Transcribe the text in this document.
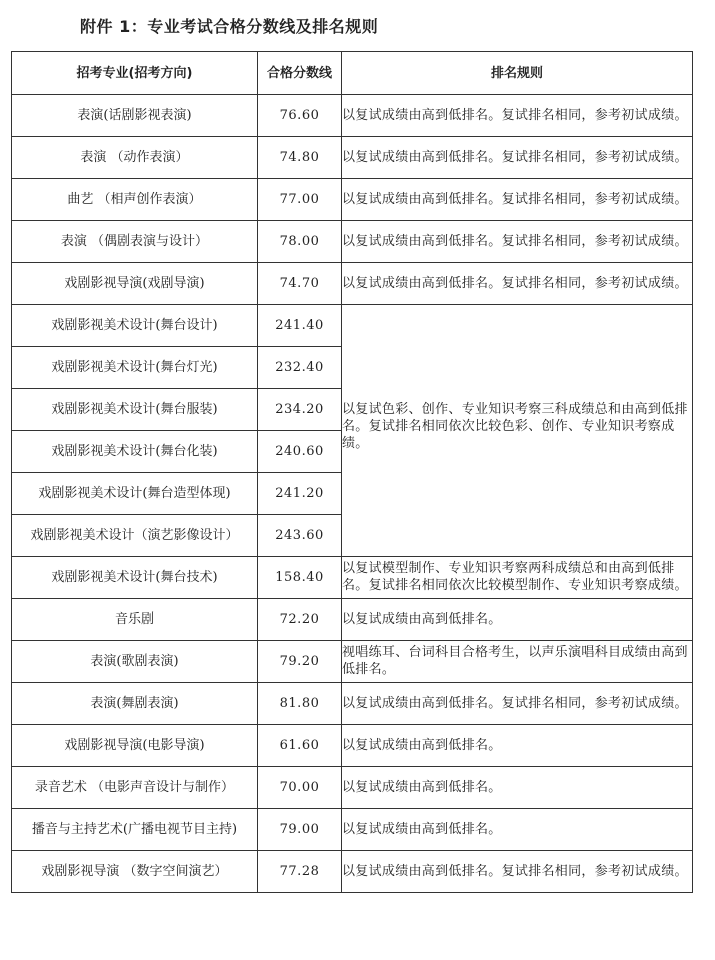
附件 1：专业考试合格分数线及排名规则
招考专业(招考方向)	合格分数线	排名规则
表演(话剧影视表演)	76.60	以复试成绩由高到低排名。复试排名相同，参考初试成绩。
表演 （动作表演）	74.80	以复试成绩由高到低排名。复试排名相同，参考初试成绩。
曲艺 （相声创作表演）	77.00	以复试成绩由高到低排名。复试排名相同，参考初试成绩。
表演 （偶剧表演与设计）	78.00	以复试成绩由高到低排名。复试排名相同，参考初试成绩。
戏剧影视导演(戏剧导演)	74.70	以复试成绩由高到低排名。复试排名相同，参考初试成绩。
戏剧影视美术设计(舞台设计)	241.40	以复试色彩、创作、专业知识考察三科成绩总和由高到低排名。复试排名相同依次比较色彩、创作、专业知识考察成绩。
戏剧影视美术设计(舞台灯光)	232.40	
戏剧影视美术设计(舞台服装)	234.20	
戏剧影视美术设计(舞台化装)	240.60	
戏剧影视美术设计(舞台造型体现)	241.20	
戏剧影视美术设计（演艺影像设计）	243.60	
戏剧影视美术设计(舞台技术)	158.40	以复试模型制作、专业知识考察两科成绩总和由高到低排名。复试排名相同依次比较模型制作、专业知识考察成绩。
音乐剧	72.20	以复试成绩由高到低排名。
表演(歌剧表演)	79.20	视唱练耳、台词科目合格考生，以声乐演唱科目成绩由高到低排名。
表演(舞剧表演)	81.80	以复试成绩由高到低排名。复试排名相同，参考初试成绩。
戏剧影视导演(电影导演)	61.60	以复试成绩由高到低排名。
录音艺术 （电影声音设计与制作）	70.00	以复试成绩由高到低排名。
播音与主持艺术(广播电视节目主持)	79.00	以复试成绩由高到低排名。
戏剧影视导演 （数字空间演艺）	77.28	以复试成绩由高到低排名。复试排名相同，参考初试成绩。
